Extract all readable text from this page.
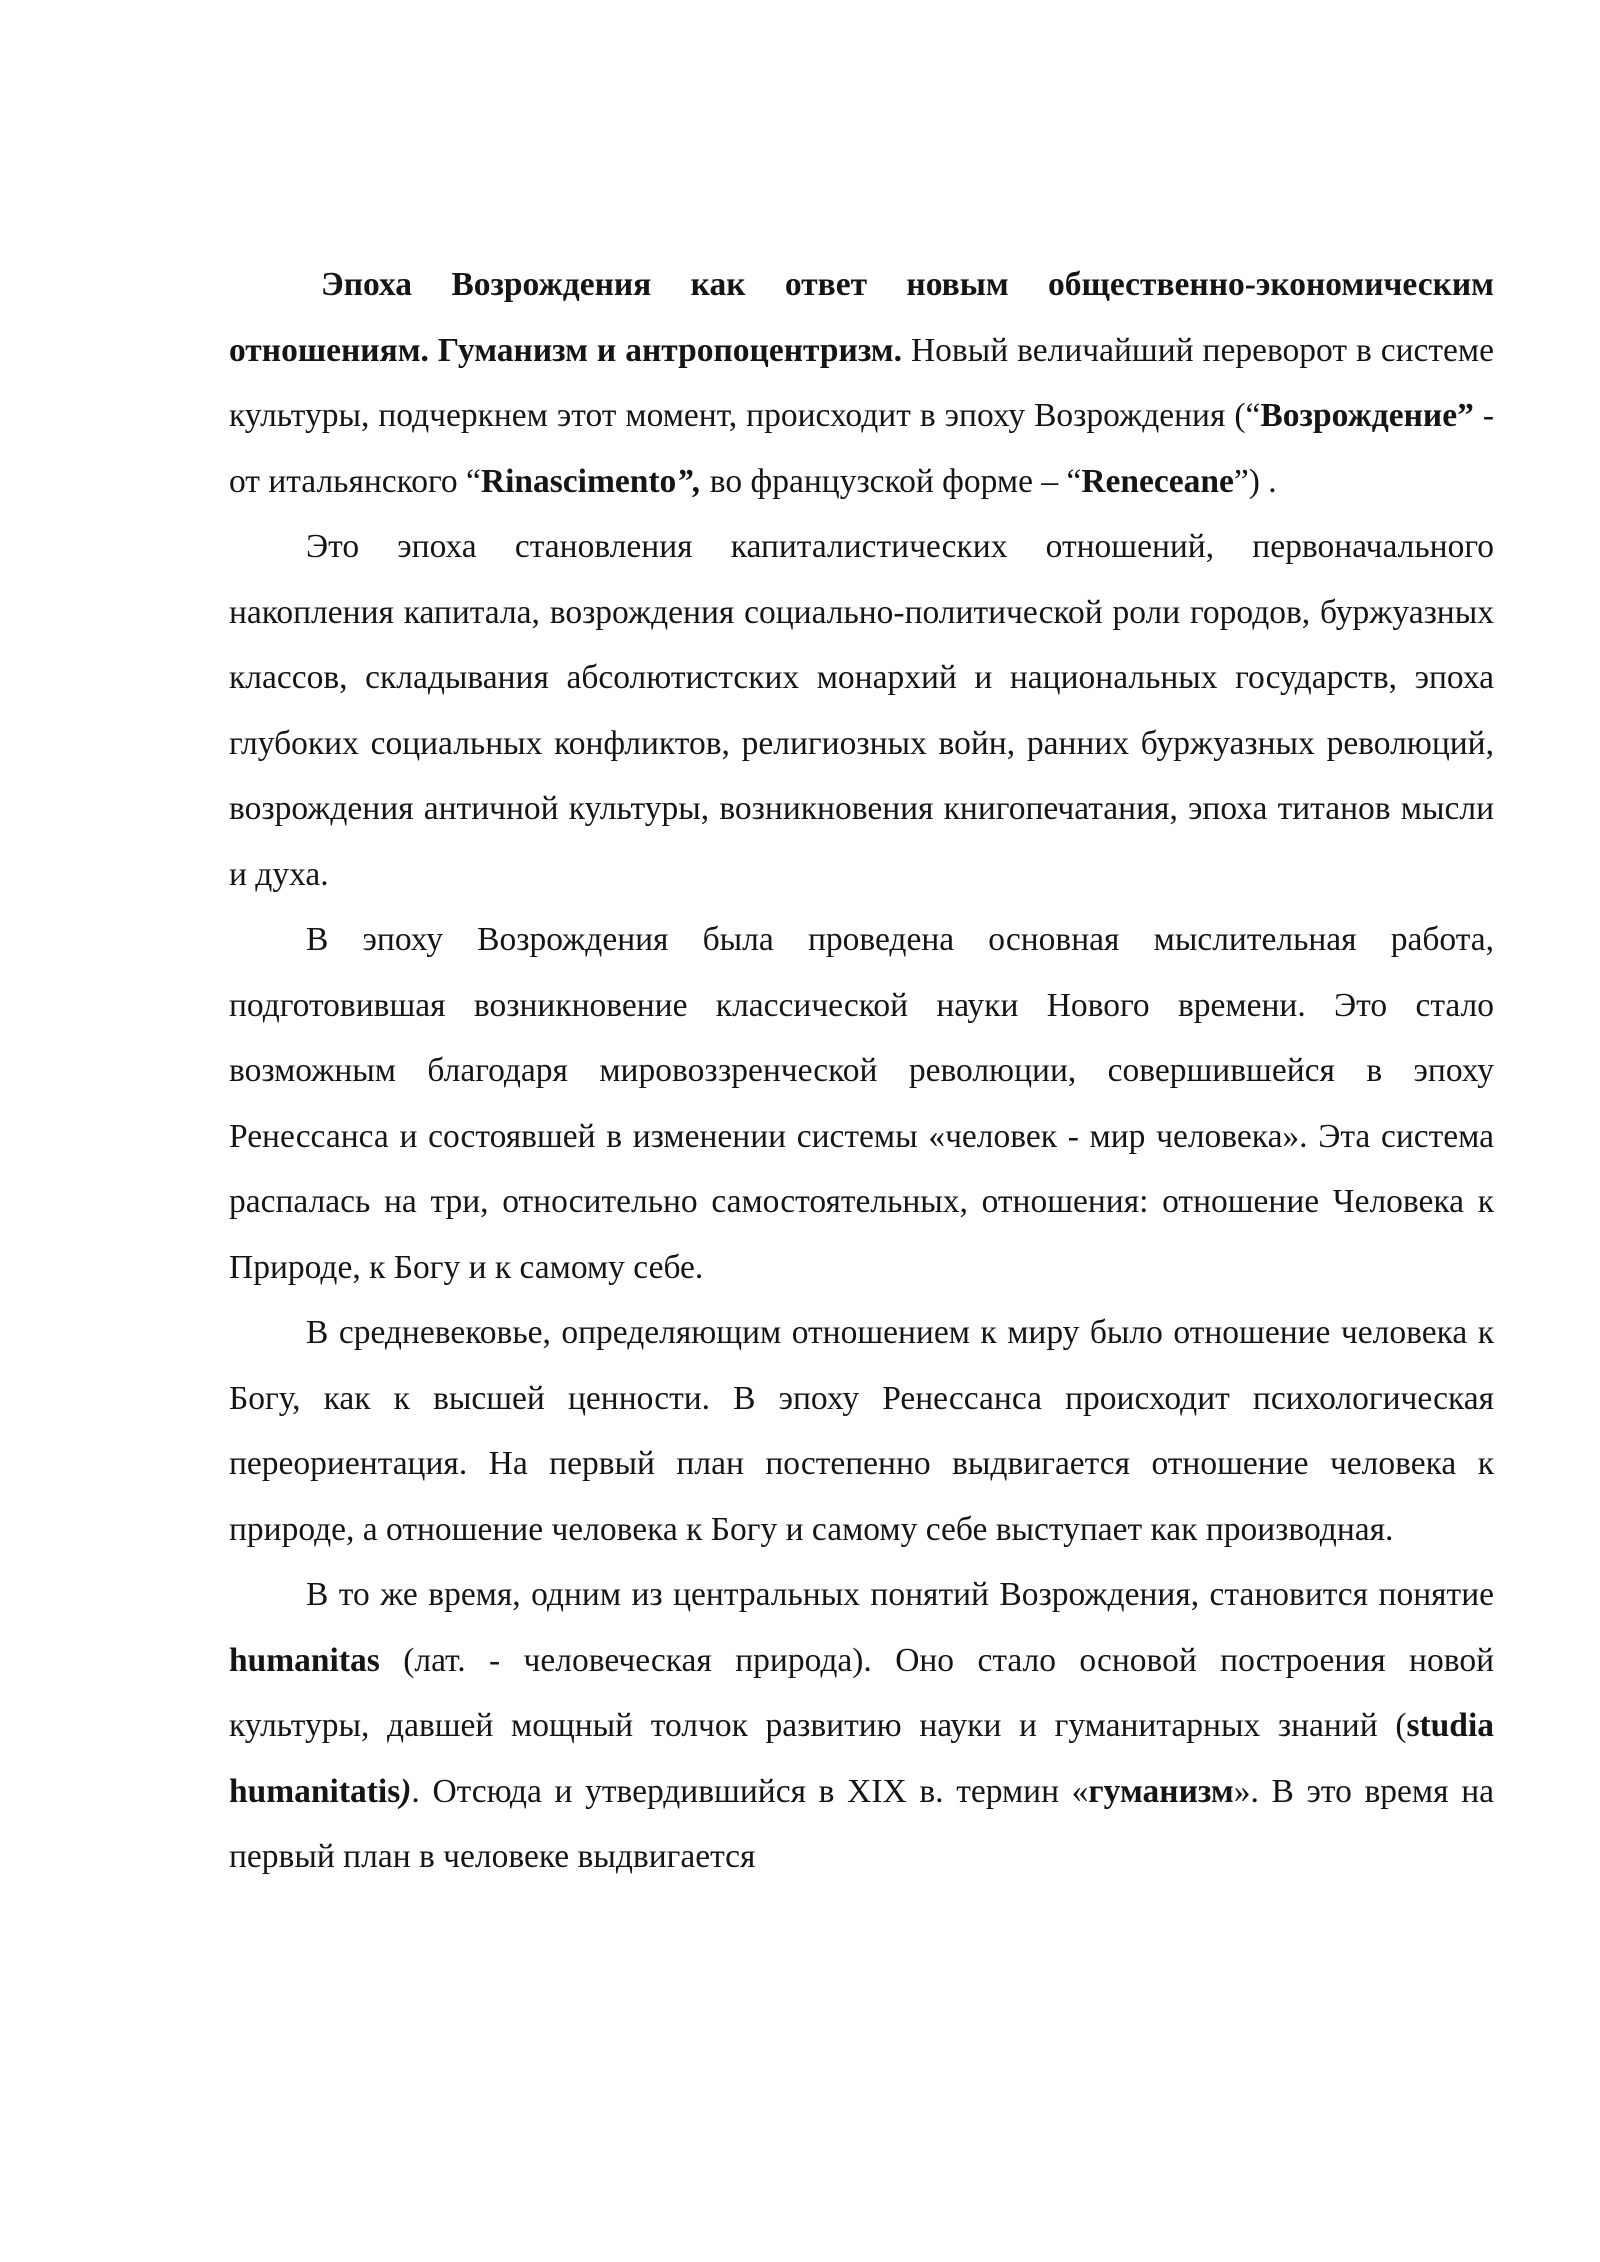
Эпоха Возрождения как ответ новым общественно-экономическим отношениям. Гуманизм и антропоцентризм. Новый величайший переворот в системе культуры, подчеркнем этот момент, происходит в эпоху Возрождения (“Возрождение” - от итальянского “Rinascimento”, во французской форме – “Reneceane”) .

Это эпоха становления капиталистических отношений, первоначального накопления капитала, возрождения социально-политической роли городов, буржуазных классов, складывания абсолютистских монархий и национальных государств, эпоха глубоких социальных конфликтов, религиозных войн, ранних буржуазных революций, возрождения античной культуры, возникновения книгопечатания, эпоха титанов мысли и духа.

В эпоху Возрождения была проведена основная мыслительная работа, подготовившая возникновение классической науки Нового времени. Это стало возможным благодаря мировоззренческой революции, совершившейся в эпоху Ренессанса и состоявшей в изменении системы «человек - мир человека». Эта система распалась на три, относительно самостоятельных, отношения: отношение Человека к Природе, к Богу и к самому себе.

В средневековье, определяющим отношением к миру было отношение человека к Богу, как к высшей ценности. В эпоху Ренессанса происходит психологическая переориентация. На первый план постепенно выдвигается отношение человека к природе, а отношение человека к Богу и самому себе выступает как производная.

В то же время, одним из центральных понятий Возрождения, становится понятие humanitas (лат. - человеческая природа). Оно стало основой построения новой культуры, давшей мощный толчок развитию науки и гуманитарных знаний (studia humanitatis). Отсюда и утвердившийся в XIX в. термин «гуманизм». В это время на первый план в человеке выдвигается
